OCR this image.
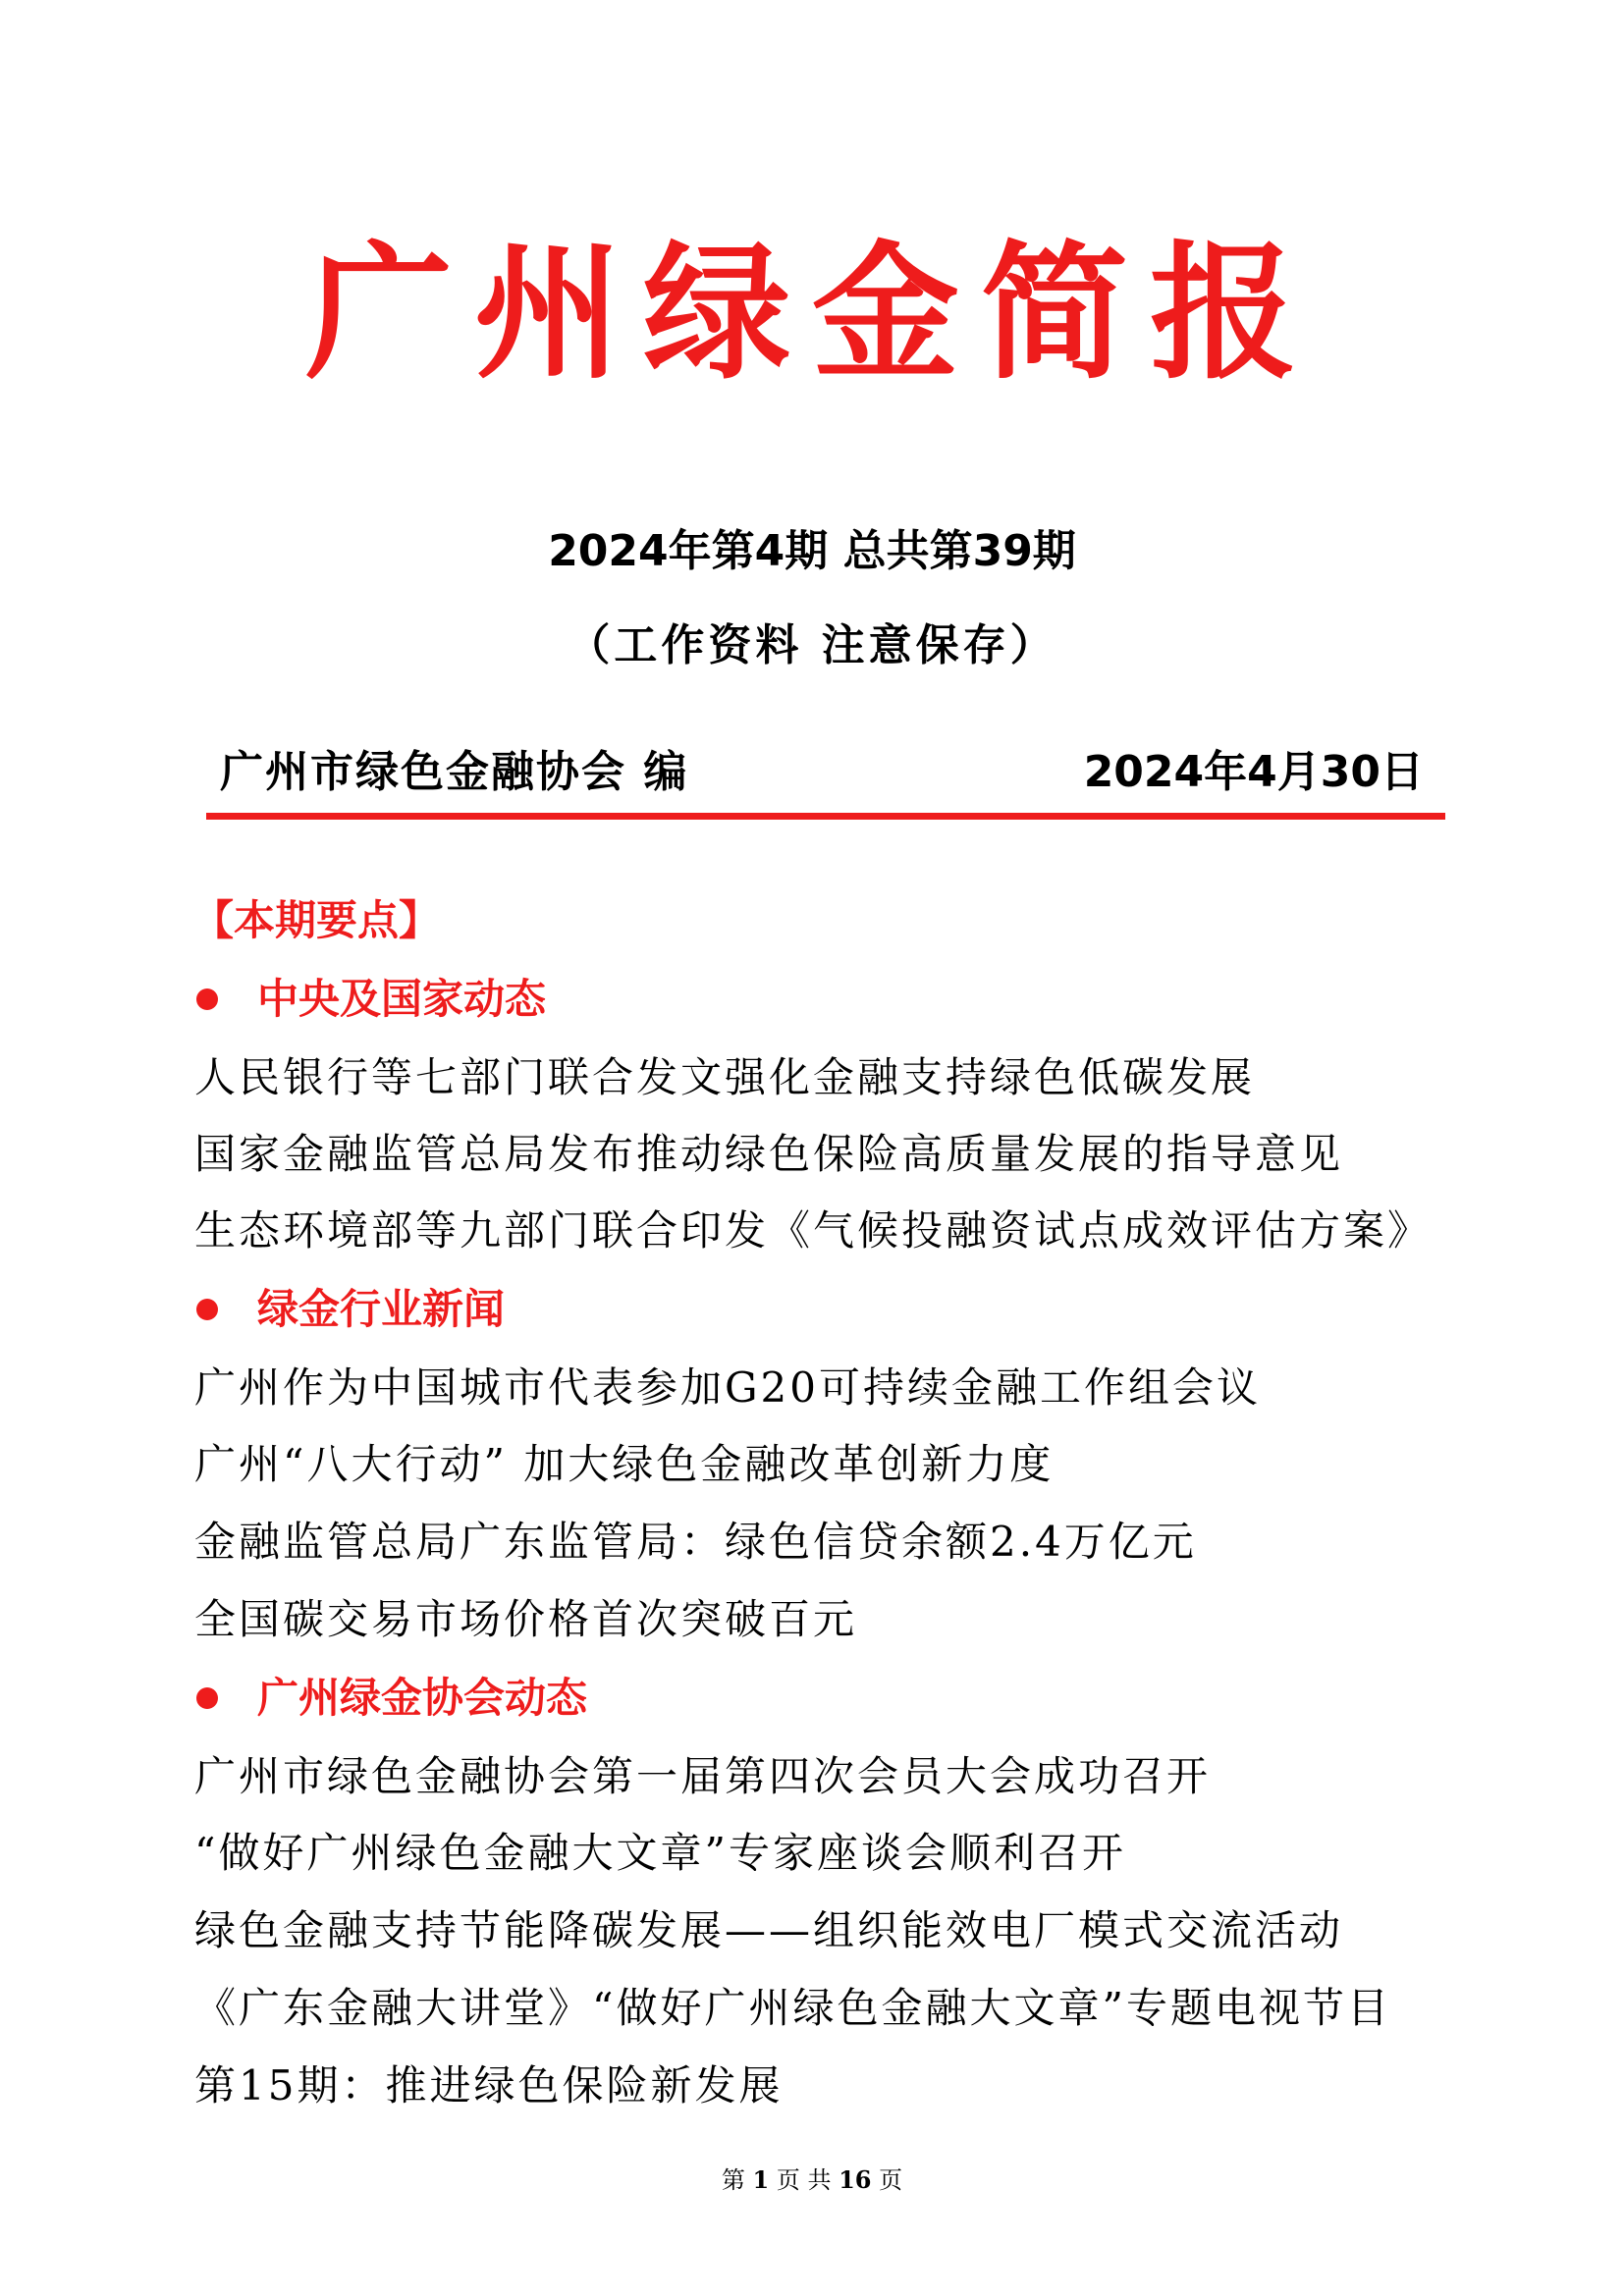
广州绿金简报
2024年第4期 总共第39期
（工作资料 注意保存）
广州市绿色金融协会 编	2024年4月30日
【本期要点】
中央及国家动态
人民银行等七部门联合发文强化金融支持绿色低碳发展
国家金融监管总局发布推动绿色保险高质量发展的指导意见
生态环境部等九部门联合印发《气候投融资试点成效评估方案》
绿金行业新闻
广州作为中国城市代表参加G20可持续金融工作组会议
广州“八大行动” 加大绿色金融改革创新力度
金融监管总局广东监管局：绿色信贷余额2.4万亿元
全国碳交易市场价格首次突破百元
广州绿金协会动态
广州市绿色金融协会第一届第四次会员大会成功召开
“做好广州绿色金融大文章”专家座谈会顺利召开
绿色金融支持节能降碳发展——组织能效电厂模式交流活动
《广东金融大讲堂》“做好广州绿色金融大文章”专题电视节目
第15期：推进绿色保险新发展
第 1 页 共 16 页
